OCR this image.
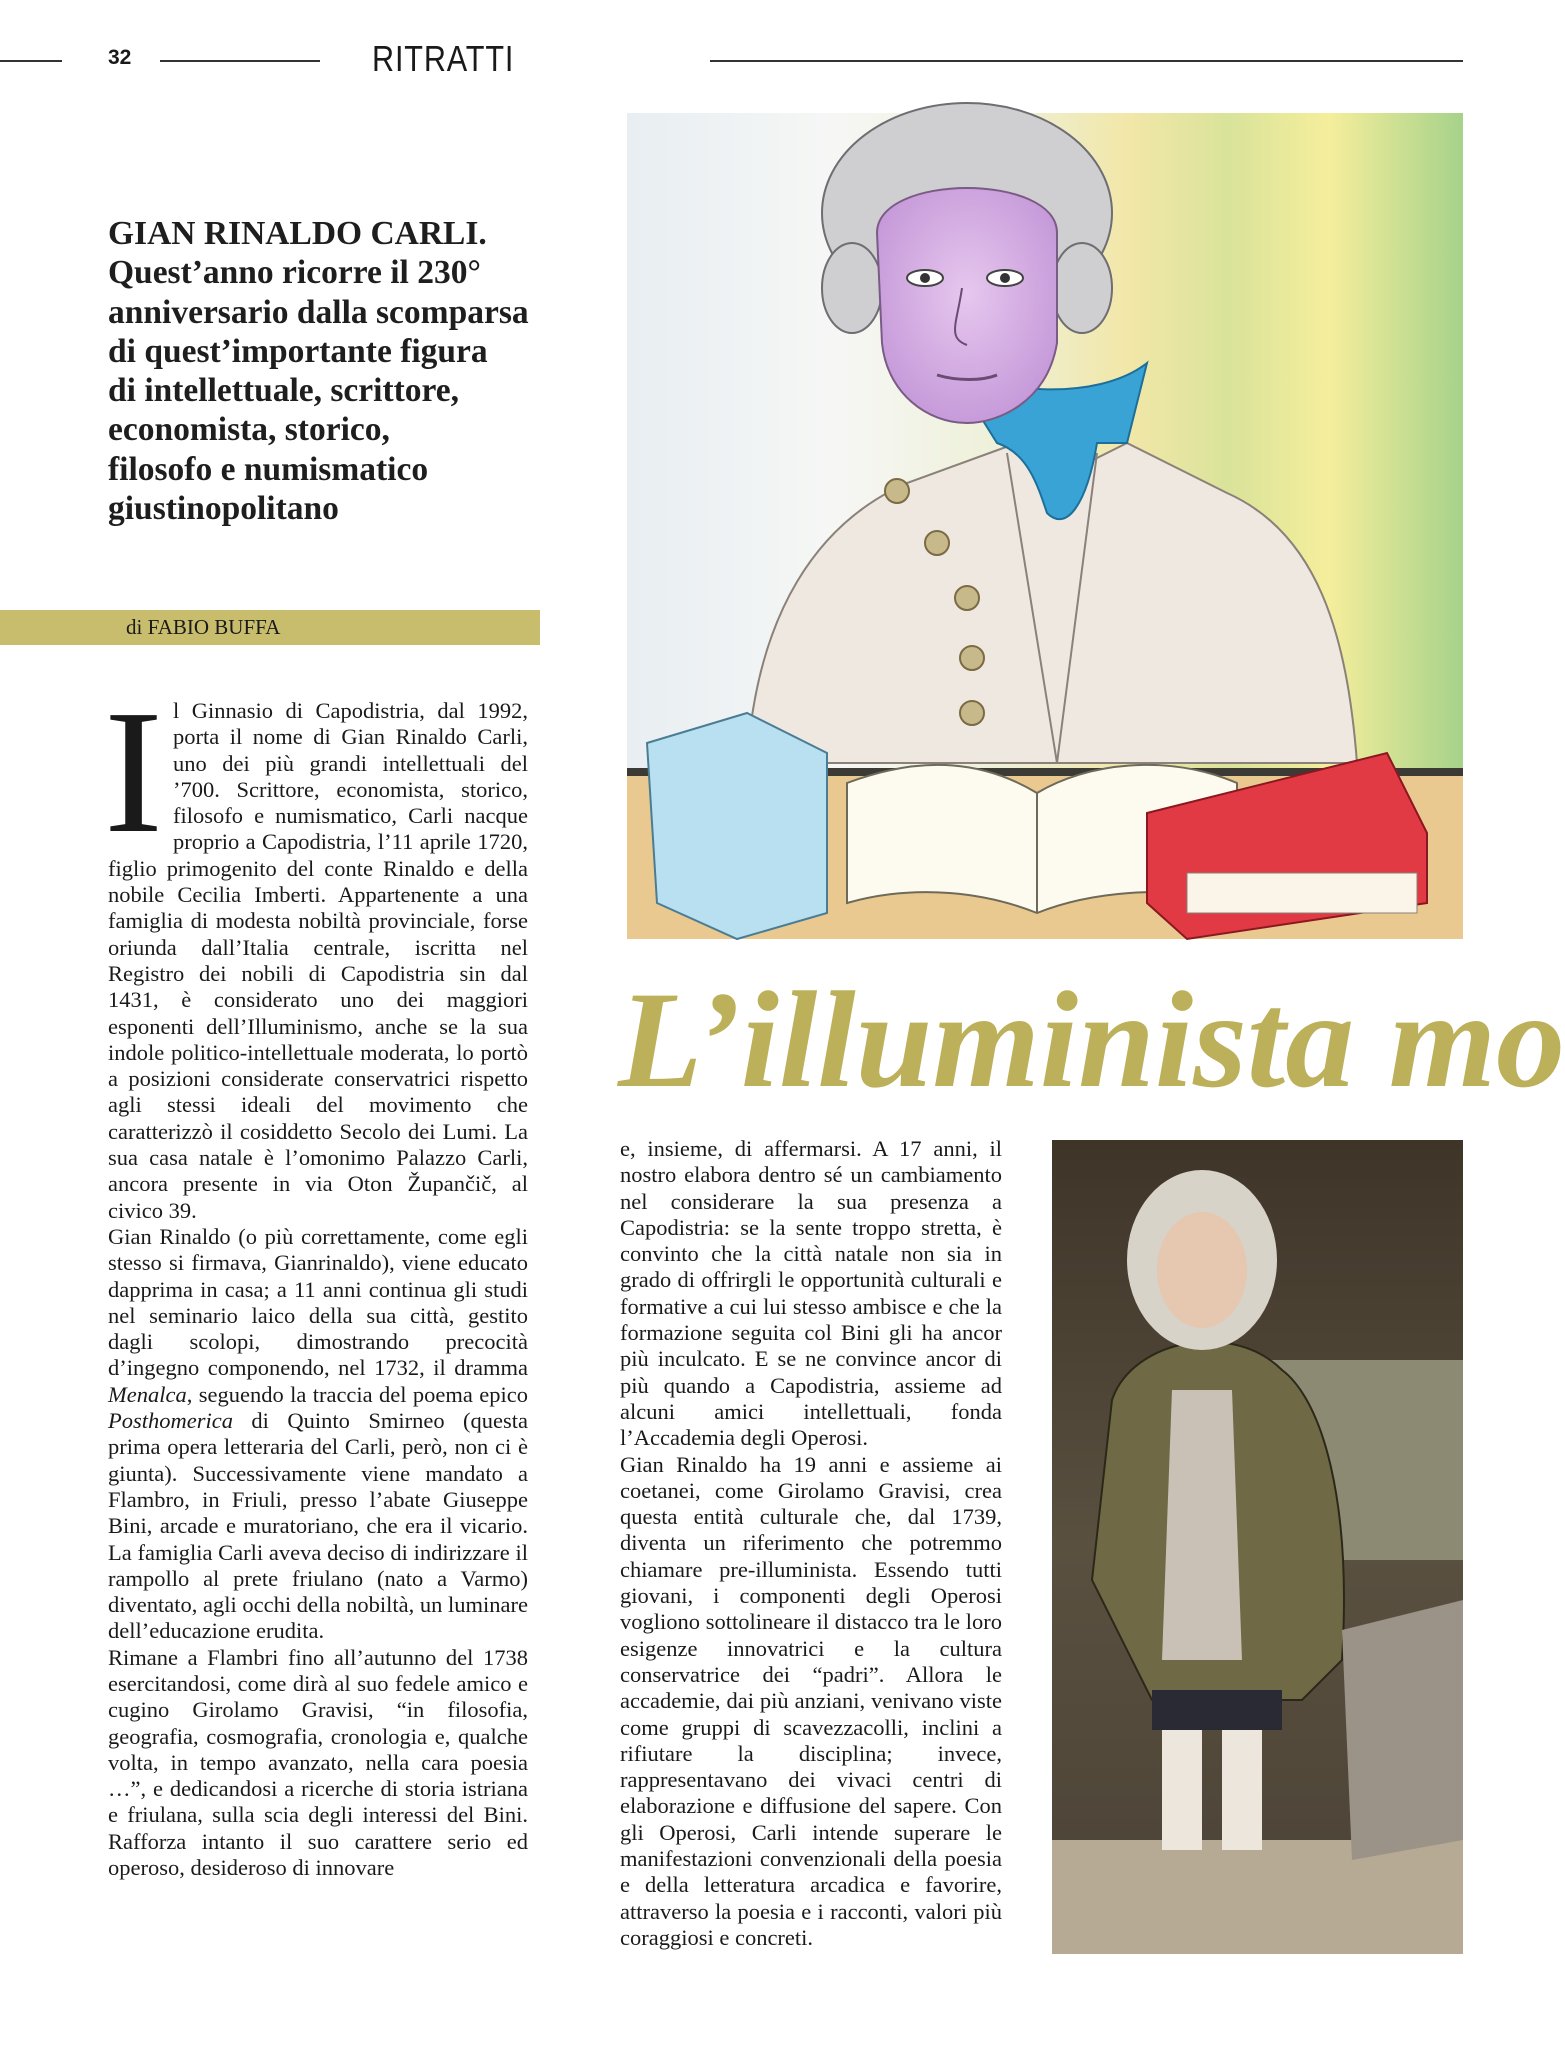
32	RITRATTI
GIAN RINALDO CARLI.
Quest’anno ricorre il 230°
anniversario dalla scomparsa
di quest’importante figura
di intellettuale, scrittore,
economista, storico,
filosofo e numismatico
giustinopolitano
di FABIO BUFFA

Il Ginnasio di Capodistria, dal 1992, porta il nome di Gian Rinaldo Carli, uno dei più grandi intellettuali del ’700. Scrittore, economista, storico, filosofo e numismatico, Carli nacque proprio a Capodistria, l’11 aprile 1720, figlio primogenito del conte Rinaldo e della nobile Cecilia Imberti. Appartenente a una famiglia di modesta nobiltà provinciale, forse oriunda dall’Italia centrale, iscritta nel Registro dei nobili di Capodistria sin dal 1431, è considerato uno dei maggiori esponenti dell’Illuminismo, anche se la sua indole politico-intellettuale moderata, lo portò a posizioni considerate conservatrici rispetto agli stessi ideali del movimento che caratterizzò il cosiddetto Secolo dei Lumi. La sua casa natale è l’omonimo Palazzo Carli, ancora presente in via Oton Župančič, al civico 39.

Gian Rinaldo (o più correttamente, come egli stesso si firmava, Gianrinaldo), viene educato dapprima in casa; a 11 anni continua gli studi nel seminario laico della sua città, gestito dagli scolopi, dimostrando precocità d’ingegno componendo, nel 1732, il dramma Menalca, seguendo la traccia del poema epico Posthomerica di Quinto Smirneo (questa prima opera letteraria del Carli, però, non ci è giunta). Successivamente viene mandato a Flambro, in Friuli, presso l’abate Giuseppe Bini, arcade e muratoriano, che era il vicario. La famiglia Carli aveva deciso di indirizzare il rampollo al prete friulano (nato a Varmo) diventato, agli occhi della nobiltà, un luminare dell’educazione erudita.

Rimane a Flambri fino all’autunno del 1738 esercitandosi, come dirà al suo fedele amico e cugino Girolamo Gravisi, “in filosofia, geografia, cosmografia, cronologia e, qualche volta, in tempo avanzato, nella cara poesia …”, e dedicandosi a ricerche di storia istriana e friulana, sulla scia degli interessi del Bini. Rafforza intanto il suo carattere serio ed operoso, desideroso di innovare

L’illuminista mo

e, insieme, di affermarsi. A 17 anni, il nostro elabora dentro sé un cambiamento nel considerare la sua presenza a Capodistria: se la sente troppo stretta, è convinto che la città natale non sia in grado di offrirgli le opportunità culturali e formative a cui lui stesso ambisce e che la formazione seguita col Bini gli ha ancor più inculcato. E se ne convince ancor di più quando a Capodistria, assieme ad alcuni amici intellettuali, fonda l’Accademia degli Operosi.

Gian Rinaldo ha 19 anni e assieme ai coetanei, come Girolamo Gravisi, crea questa entità culturale che, dal 1739, diventa un riferimento che potremmo chiamare pre-illuminista. Essendo tutti giovani, i componenti degli Operosi vogliono sottolineare il distacco tra le loro esigenze innovatrici e la cultura conservatrice dei “padri”. Allora le accademie, dai più anziani, venivano viste come gruppi di scavezzacolli, inclini a rifiutare la disciplina; invece, rappresentavano dei vivaci centri di elaborazione e diffusione del sapere. Con gli Operosi, Carli intende superare le manifestazioni convenzionali della poesia e della letteratura arcadica e favorire, attraverso la poesia e i racconti, valori più coraggiosi e concreti.
